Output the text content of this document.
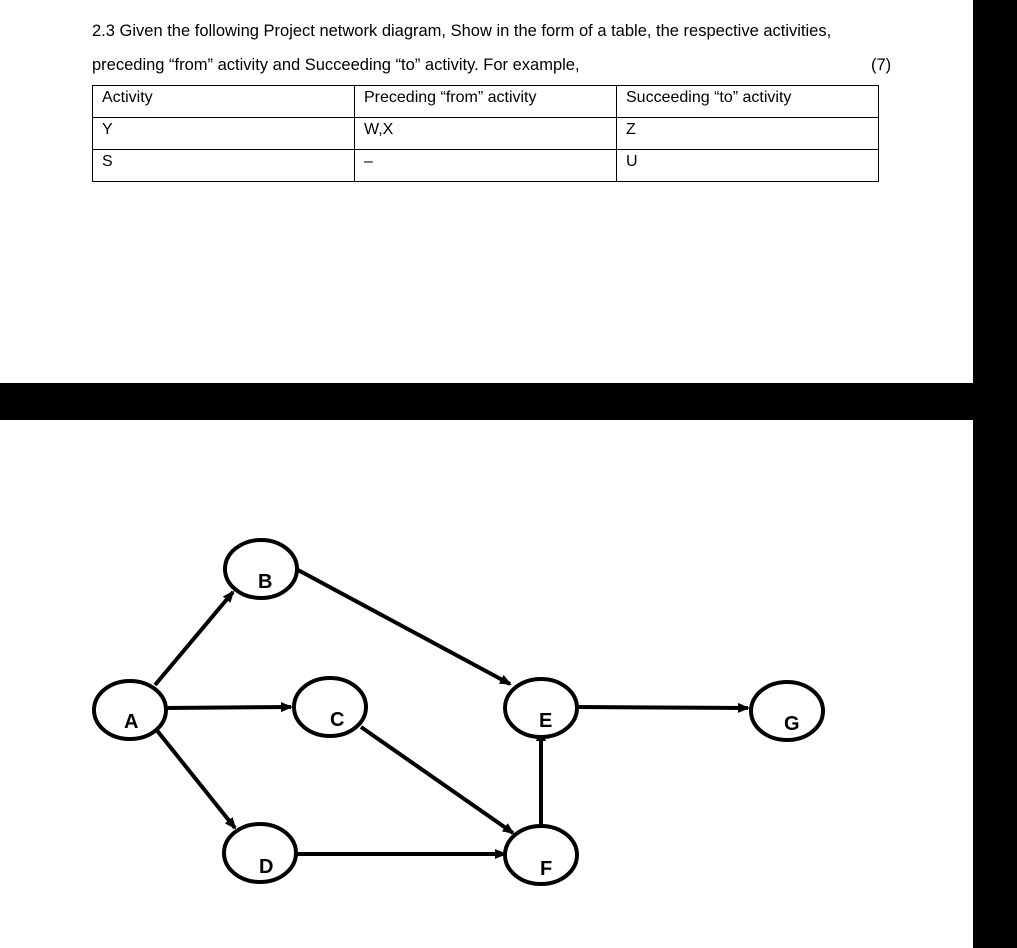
2.3 Given the following Project network diagram, Show in the form of a table, the respective activities,
preceding “from” activity and Succeeding “to” activity. For example,	(7)
Activity	Preceding “from” activity	Succeeding “to” activity
Y	W,X	Z
S	–	U
A
B
C
D
E
F
G
